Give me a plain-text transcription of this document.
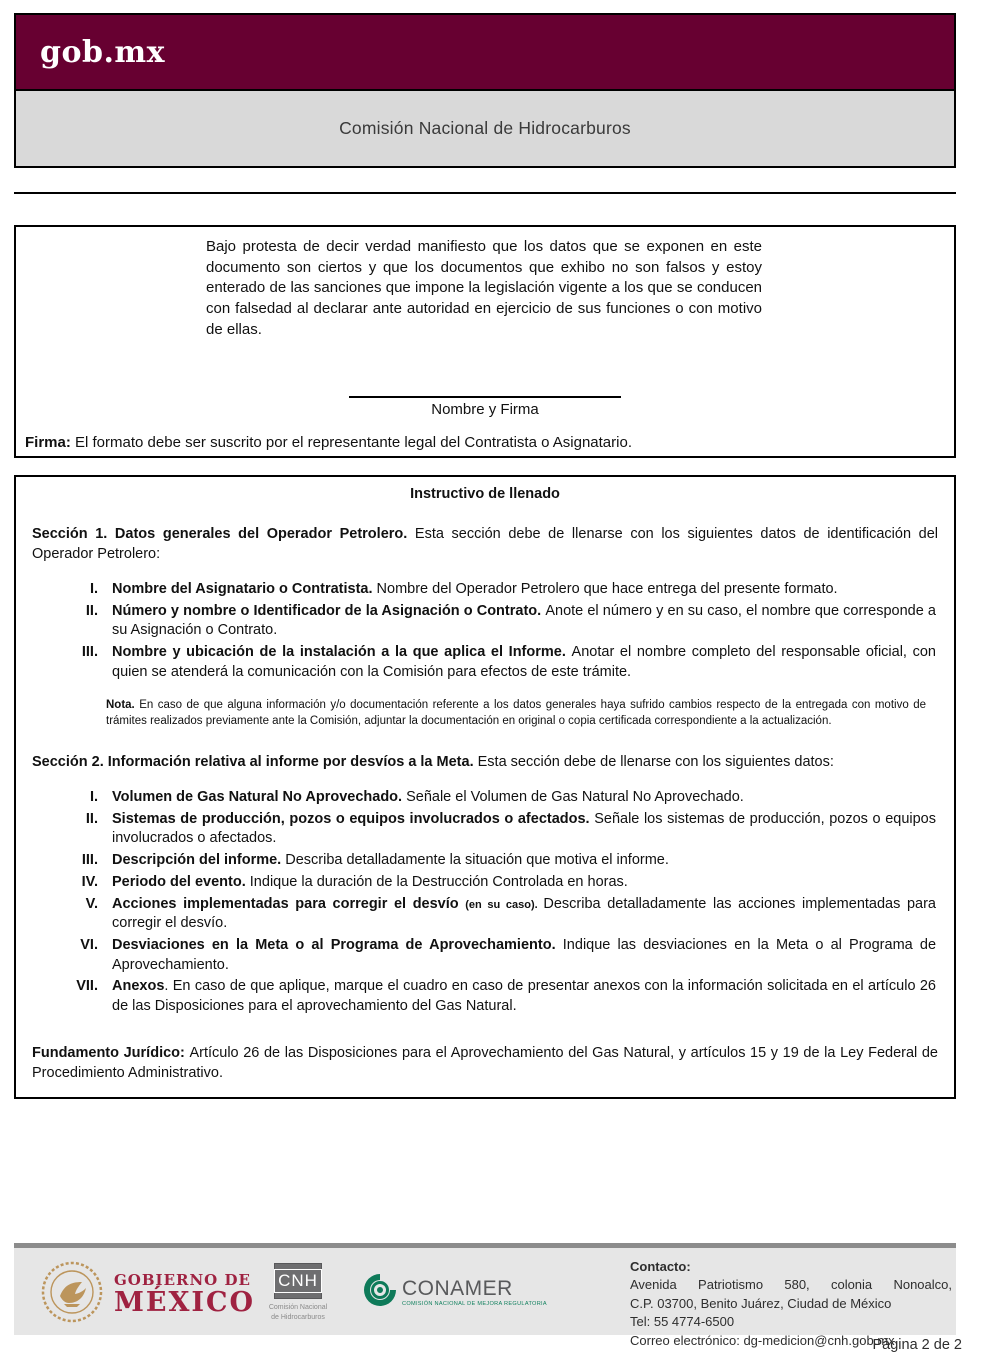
gob.mx
Comisión Nacional de Hidrocarburos

Bajo protesta de decir verdad manifiesto que los datos que se exponen en este documento son ciertos y que los documentos que exhibo no son falsos y estoy enterado de las sanciones que impone la legislación vigente a los que se conducen con falsedad al declarar ante autoridad en ejercicio de sus funciones o con motivo de ellas.

Nombre y Firma
Firma: El formato debe ser suscrito por el representante legal del Contratista o Asignatario.
Instructivo de llenado

Sección 1. Datos generales del Operador Petrolero. Esta sección debe de llenarse con los siguientes datos de identificación del Operador Petrolero:

I. Nombre del Asignatario o Contratista. Nombre del Operador Petrolero que hace entrega del presente formato.
II. Número y nombre o Identificador de la Asignación o Contrato. Anote el número y en su caso, el nombre que corresponde a su Asignación o Contrato.
III. Nombre y ubicación de la instalación a la que aplica el Informe. Anotar el nombre completo del responsable oficial, con quien se atenderá la comunicación con la Comisión para efectos de este trámite.

Nota. En caso de que alguna información y/o documentación referente a los datos generales haya sufrido cambios respecto de la entregada con motivo de trámites realizados previamente ante la Comisión, adjuntar la documentación en original o copia certificada correspondiente a la actualización.

Sección 2. Información relativa al informe por desvíos a la Meta. Esta sección debe de llenarse con los siguientes datos:

I. Volumen de Gas Natural No Aprovechado. Señale el Volumen de Gas Natural No Aprovechado.
II. Sistemas de producción, pozos o equipos involucrados o afectados. Señale los sistemas de producción, pozos o equipos involucrados o afectados.
III. Descripción del informe. Describa detalladamente la situación que motiva el informe.
IV. Periodo del evento. Indique la duración de la Destrucción Controlada en horas.
V. Acciones implementadas para corregir el desvío (en su caso). Describa detalladamente las acciones implementadas para corregir el desvío.
VI. Desviaciones en la Meta o al Programa de Aprovechamiento. Indique las desviaciones en la Meta o al Programa de Aprovechamiento.
VII. Anexos. En caso de que aplique, marque el cuadro en caso de presentar anexos con la información solicitada en el artículo 26 de las Disposiciones para el aprovechamiento del Gas Natural.

Fundamento Jurídico: Artículo 26 de las Disposiciones para el Aprovechamiento del Gas Natural, y artículos 15 y 19 de la Ley Federal de Procedimiento Administrativo.

GOBIERNO DE
MÉXICO
CNH
Comisión Nacional
de Hidrocarburos
CONAMER
COMISIÓN NACIONAL DE MEJORA REGULATORIA
Contacto:
Avenida Patriotismo 580, colonia Nonoalco,
C.P. 03700, Benito Juárez, Ciudad de México
Tel: 55 4774-6500
Correo electrónico: dg-medicion@cnh.gob.mx
Página 2 de 2
